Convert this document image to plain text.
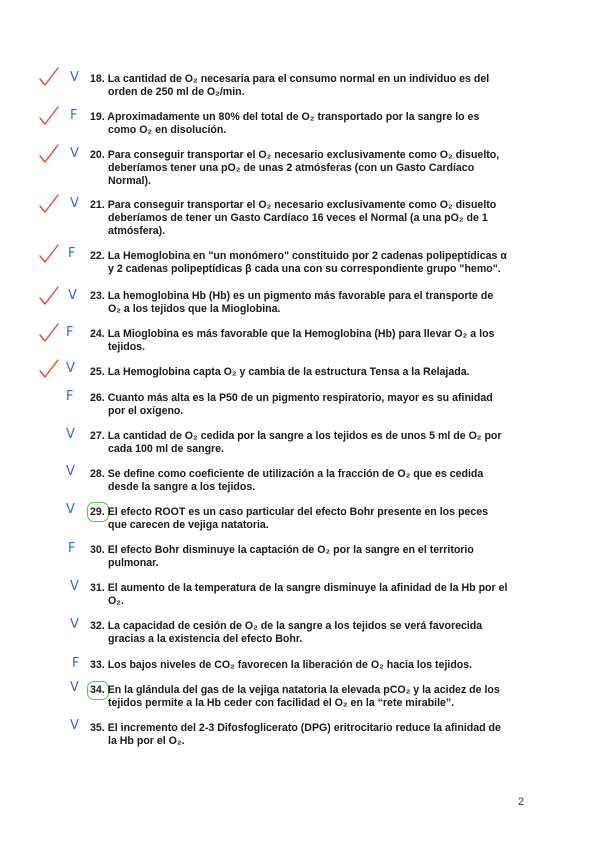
V 18. La cantidad de O₂ necesaria para el consumo normal en un individuo es del
orden de 250 ml de O₂/min.
F 19. Aproximadamente un 80% del total de O₂ transportado por la sangre lo es
como O₂ en disolución.
V 20. Para conseguir transportar el O₂ necesario exclusivamente como O₂ disuelto,
deberíamos tener una pO₂ de unas 2 atmósferas (con un Gasto Cardíaco
Normal).
V 21. Para conseguir transportar el O₂ necesario exclusivamente como O₂ disuelto
deberíamos de tener un Gasto Cardíaco 16 veces el Normal (a una pO₂ de 1
atmósfera).
F 22. La Hemoglobina en "un monómero" constituido por 2 cadenas polipeptídicas α
y 2 cadenas polipeptídicas β cada una con su correspondiente grupo "hemo".
V 23. La hemoglobina Hb (Hb) es un pigmento más favorable para el transporte de
O₂ a los tejidos que la Mioglobina.
F 24. La Mioglobina es más favorable que la Hemoglobina (Hb) para llevar O₂ a los
tejidos.
V 25. La Hemoglobina capta O₂ y cambia de la estructura Tensa a la Relajada.
F 26. Cuanto más alta es la P50 de un pigmento respiratorio, mayor es su afinidad
por el oxígeno.
V 27. La cantidad de O₂ cedida por la sangre a los tejidos es de unos 5 ml de O₂ por
cada 100 ml de sangre.
V 28. Se define como coeficiente de utilización a la fracción de O₂ que es cedida
desde la sangre a los tejidos.
V 29. El efecto ROOT es un caso particular del efecto Bohr presente en los peces
que carecen de vejiga natatoria.
F 30. El efecto Bohr disminuye la captación de O₂ por la sangre en el territorio
pulmonar.
V 31. El aumento de la temperatura de la sangre disminuye la afinidad de la Hb por el
O₂.
V 32. La capacidad de cesión de O₂ de la sangre a los tejidos se verá favorecida
gracias a la existencia del efecto Bohr.
F 33. Los bajos niveles de CO₂ favorecen la liberación de O₂ hacia los tejidos.
V 34. En la glándula del gas de la vejiga natatoria la elevada pCO₂ y la acidez de los
tejidos permite a la Hb ceder con facilidad el O₂ en la “rete mirabile”.
V 35. El incremento del 2-3 Difosfoglicerato (DPG) eritrocitario reduce la afinidad de
la Hb por el O₂.
2
